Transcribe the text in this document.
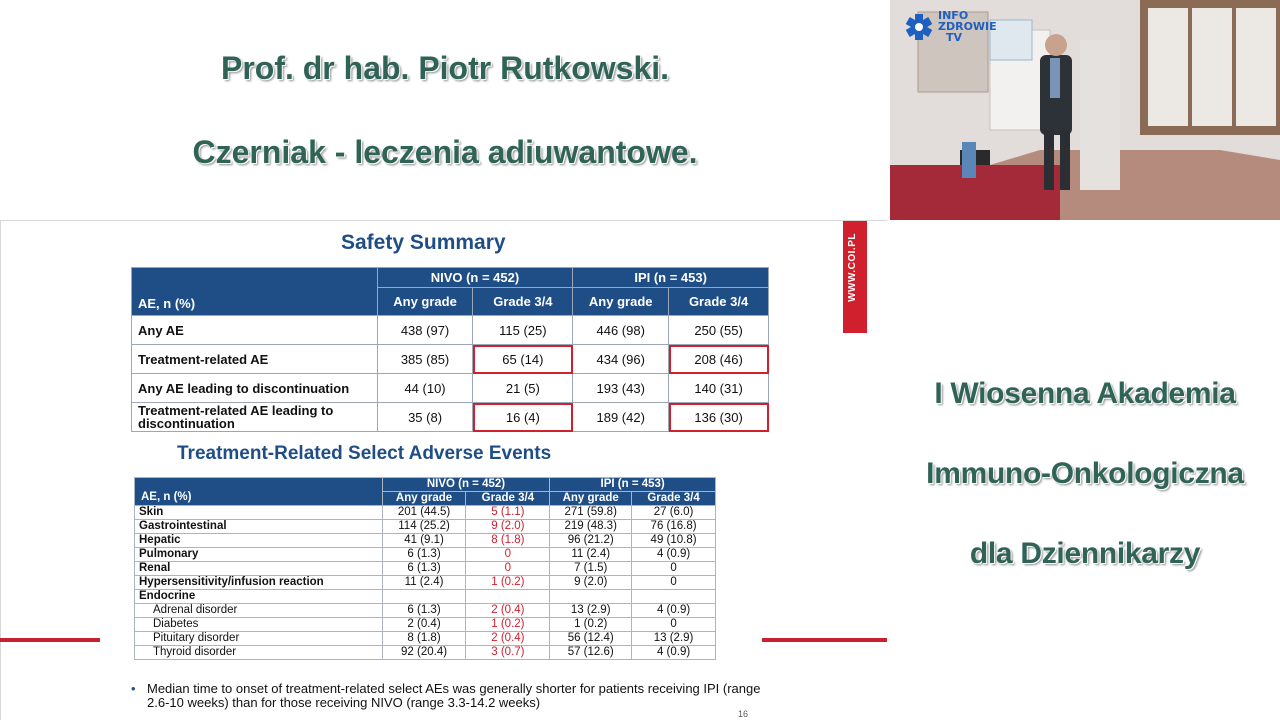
Prof. dr hab. Piotr Rutkowski.
Czerniak - leczenia adiuwantowe.
INFO
ZDROWIE
TV
Safety Summary	WWW.COI.PL
AE, n (%)	NIVO (n = 452)		IPI (n = 453)	
	Any grade	Grade 3/4	Any grade	Grade 3/4
Any AE	438 (97)	115 (25)	446 (98)	250 (55)
Treatment-related AE	385 (85)	65 (14)	434 (96)	208 (46)
Any AE leading to discontinuation	44 (10)	21 (5)	193 (43)	140 (31)
Treatment-related AE leading to discontinuation	35 (8)	16 (4)	189 (42)	136 (30)
Treatment-Related Select Adverse Events
AE, n (%)	NIVO (n = 452)		IPI (n = 453)	
	Any grade	Grade 3/4	Any grade	Grade 3/4
Skin	201 (44.5)	5 (1.1)	271 (59.8)	27 (6.0)
Gastrointestinal	114 (25.2)	9 (2.0)	219 (48.3)	76 (16.8)
Hepatic	41 (9.1)	8 (1.8)	96 (21.2)	49 (10.8)
Pulmonary	6 (1.3)	0	11 (2.4)	4 (0.9)
Renal	6 (1.3)	0	7 (1.5)	0
Hypersensitivity/infusion reaction	11 (2.4)	1 (0.2)	9 (2.0)	0
Endocrine				
Adrenal disorder	6 (1.3)	2 (0.4)	13 (2.9)	4 (0.9)
Diabetes	2 (0.4)	1 (0.2)	1 (0.2)	0
Pituitary disorder	8 (1.8)	2 (0.4)	56 (12.4)	13 (2.9)
Thyroid disorder	92 (20.4)	3 (0.7)	57 (12.6)	4 (0.9)
• Median time to onset of treatment-related select AEs was generally shorter for patients receiving IPI (range 2.6-10 weeks) than for those receiving NIVO (range 3.3-14.2 weeks)
16
I Wiosenna Akademia
Immuno-Onkologiczna
dla Dziennikarzy
